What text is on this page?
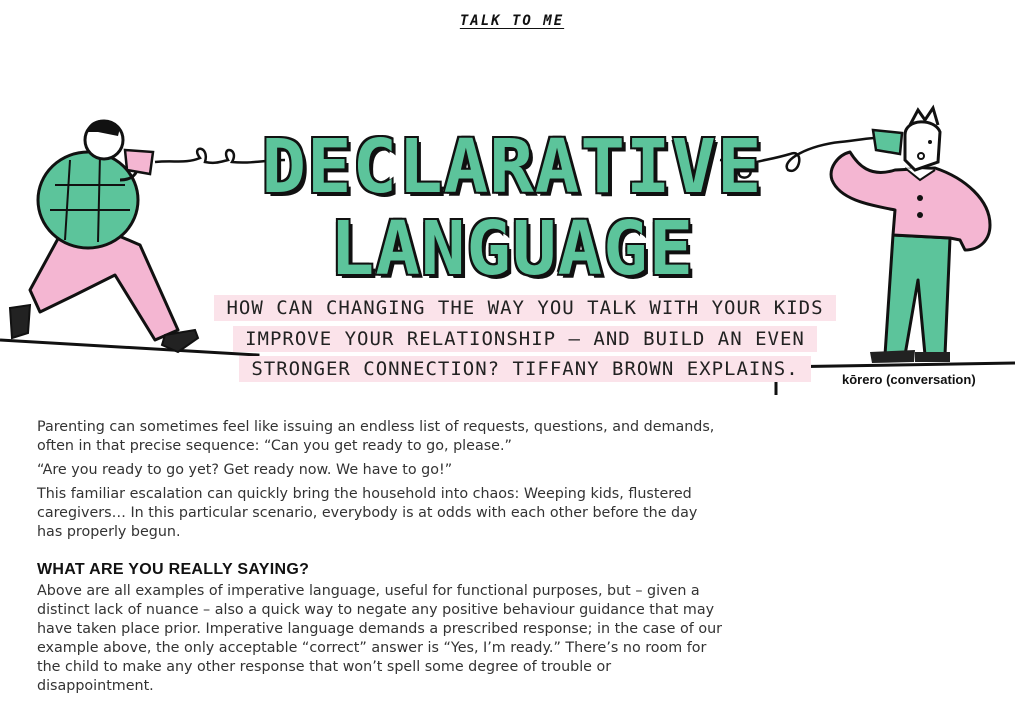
TALK TO ME
DECLARATIVE
LANGUAGE
HOW CAN CHANGING THE WAY YOU TALK WITH YOUR KIDS
IMPROVE YOUR RELATIONSHIP – AND BUILD AN EVEN
STRONGER CONNECTION? TIFFANY BROWN EXPLAINS.	kōrero (conversation)

Parenting can sometimes feel like issuing an endless list of requests, questions, and demands, often in that precise sequence: “Can you get ready to go, please.”

“Are you ready to go yet? Get ready now. We have to go!”

This familiar escalation can quickly bring the household into chaos: Weeping kids, flustered caregivers… In this particular scenario, everybody is at odds with each other before the day has properly begun.

WHAT ARE YOU REALLY SAYING?

Above are all examples of imperative language, useful for functional purposes, but – given a distinct lack of nuance – also a quick way to negate any positive behaviour guidance that may have taken place prior. Imperative language demands a prescribed response; in the case of our example above, the only acceptable “correct” answer is “Yes, I’m ready.” There’s no room for the child to make any other response that won’t spell some degree of trouble or disappointment.
